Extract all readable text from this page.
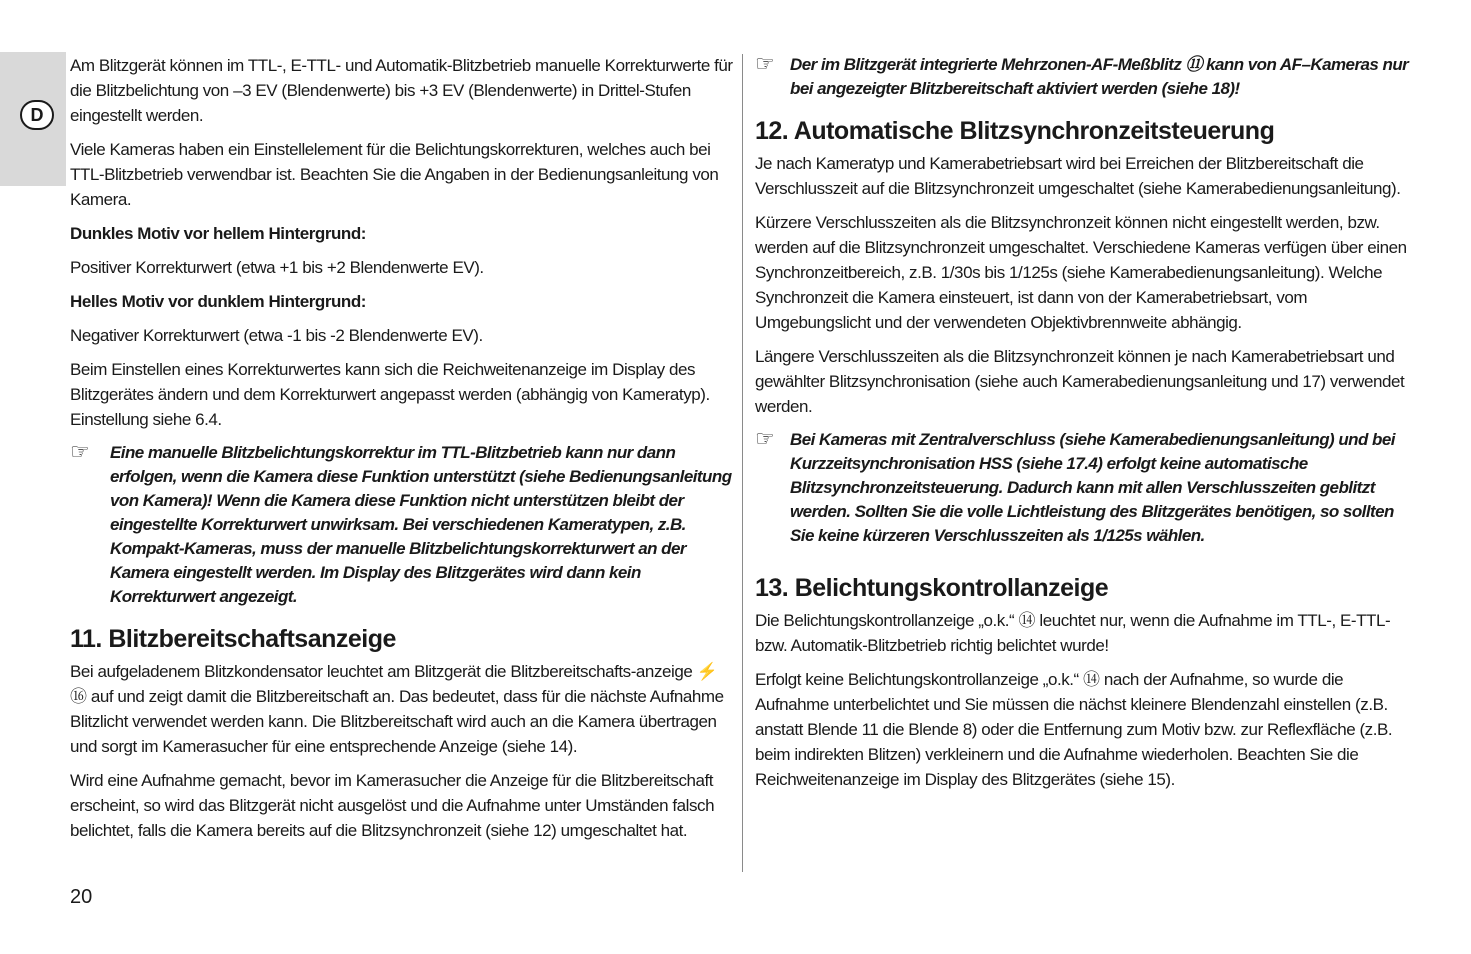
D

Am Blitzgerät können im TTL-, E-TTL- und Automatik-Blitzbetrieb manuelle Korrekturwerte für die Blitzbelichtung von –3 EV (Blendenwerte) bis +3 EV (Blendenwerte) in Drittel-Stufen eingestellt werden.

Viele Kameras haben ein Einstellelement für die Belichtungskorrekturen, welches auch bei TTL-Blitzbetrieb verwendbar ist. Beachten Sie die Angaben in der Bedienungsanleitung von Kamera.

Dunkles Motiv vor hellem Hintergrund:

Positiver Korrekturwert (etwa +1 bis +2 Blendenwerte EV).

Helles Motiv vor dunklem Hintergrund:

Negativer Korrekturwert (etwa -1 bis -2 Blendenwerte EV).

Beim Einstellen eines Korrekturwertes kann sich die Reichweitenanzeige im Display des Blitzgerätes ändern und dem Korrekturwert angepasst werden (abhängig von Kameratyp). Einstellung siehe 6.4.

☞ Eine manuelle Blitzbelichtungskorrektur im TTL-Blitzbetrieb kann nur dann erfolgen, wenn die Kamera diese Funktion unterstützt (siehe Bedienungsanleitung von Kamera)! Wenn die Kamera diese Funktion nicht unterstützen bleibt der eingestellte Korrekturwert unwirksam. Bei verschiedenen Kameratypen, z.B. Kompakt-Kameras, muss der manuelle Blitzbelichtungskorrekturwert an der Kamera eingestellt werden. Im Display des Blitzgerätes wird dann kein Korrekturwert angezeigt.
11. Blitzbereitschaftsanzeige

Bei aufgeladenem Blitzkondensator leuchtet am Blitzgerät die Blitzbereitschafts-anzeige ⚡ ⑯ auf und zeigt damit die Blitzbereitschaft an. Das bedeutet, dass für die nächste Aufnahme Blitzlicht verwendet werden kann. Die Blitzbereitschaft wird auch an die Kamera übertragen und sorgt im Kamerasucher für eine entsprechende Anzeige (siehe 14).

Wird eine Aufnahme gemacht, bevor im Kamerasucher die Anzeige für die Blitzbereitschaft erscheint, so wird das Blitzgerät nicht ausgelöst und die Aufnahme unter Umständen falsch belichtet, falls die Kamera bereits auf die Blitzsynchronzeit (siehe 12) umgeschaltet hat.

☞ Der im Blitzgerät integrierte Mehrzonen-AF-Meßblitz ⑪ kann von AF–Kameras nur bei angezeigter Blitzbereitschaft aktiviert werden (siehe 18)!
12. Automatische Blitzsynchronzeitsteuerung

Je nach Kameratyp und Kamerabetriebsart wird bei Erreichen der Blitzbereitschaft die Verschlusszeit auf die Blitzsynchronzeit umgeschaltet (siehe Kamerabedienungsanleitung).

Kürzere Verschlusszeiten als die Blitzsynchronzeit können nicht eingestellt werden, bzw. werden auf die Blitzsynchronzeit umgeschaltet. Verschiedene Kameras verfügen über einen Synchronzeitbereich, z.B. 1/30s bis 1/125s (siehe Kamerabedienungsanleitung). Welche Synchronzeit die Kamera einsteuert, ist dann von der Kamerabetriebsart, vom Umgebungslicht und der verwendeten Objektivbrennweite abhängig.

Längere Verschlusszeiten als die Blitzsynchronzeit können je nach Kamerabetriebsart und gewählter Blitzsynchronisation (siehe auch Kamerabedienungsanleitung und 17) verwendet werden.

☞ Bei Kameras mit Zentralverschluss (siehe Kamerabedienungsanleitung) und bei Kurzzeitsynchronisation HSS (siehe 17.4) erfolgt keine automatische Blitzsynchronzeitsteuerung. Dadurch kann mit allen Verschlusszeiten geblitzt werden. Sollten Sie die volle Lichtleistung des Blitzgerätes benötigen, so sollten Sie keine kürzeren Verschlusszeiten als 1/125s wählen.
13. Belichtungskontrollanzeige

Die Belichtungskontrollanzeige „o.k.“ ⑭ leuchtet nur, wenn die Aufnahme im TTL-, E-TTL- bzw. Automatik-Blitzbetrieb richtig belichtet wurde!

Erfolgt keine Belichtungskontrollanzeige „o.k.“ ⑭ nach der Aufnahme, so wurde die Aufnahme unterbelichtet und Sie müssen die nächst kleinere Blendenzahl einstellen (z.B. anstatt Blende 11 die Blende 8) oder die Entfernung zum Motiv bzw. zur Reflexfläche (z.B. beim indirekten Blitzen) verkleinern und die Aufnahme wiederholen. Beachten Sie die Reichweitenanzeige im Display des Blitzgerätes (siehe 15).

20
